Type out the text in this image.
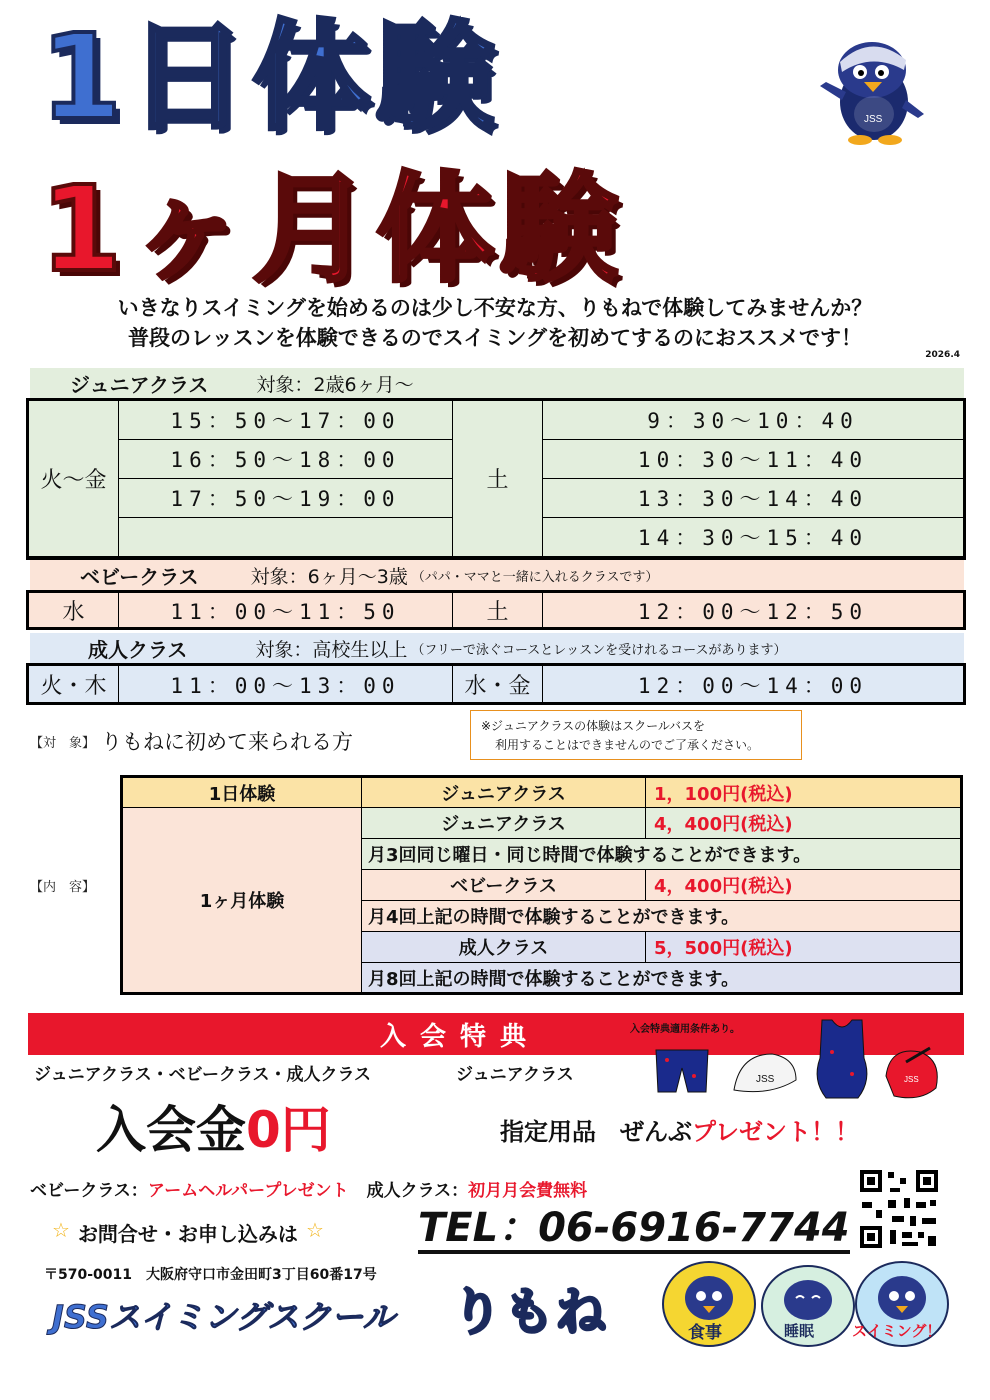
1日体験
1ヶ月体験
JSS
いきなりスイミングを始めるのは少し不安な方、りもねで体験してみませんか？
普段のレッスンを体験できるのでスイミングを初めてするのにおススメです！
2026.4
ジュニアクラス	対象：2歳6ヶ月～
火～金	15：50～17：00	土	9：30～10：40
	16：50～18：00		10：30～11：40
	17：50～19：00		13：30～14：40
			14：30～15：40
ベビークラス	対象：6ヶ月～3歳 （パパ・ママと一緒に入れるクラスです）
水	11：00～11：50	土	12：00～12：50
成人クラス	対象：高校生以上 （フリーで泳ぐコースとレッスンを受けれるコースがあります）
火・木	11：00～13：00	水・金	12：00～14：00
【対　象】 りもねに初めて来られる方
※ジュニアクラスの体験はスクールバスを
利用することはできませんのでご了承ください。
【内　容】
1日体験	ジュニアクラス	1，100円(税込)
1ヶ月体験	ジュニアクラス	4，400円(税込)
	月3回同じ曜日・同じ時間で体験することができます。	
	ベビークラス	4，400円(税込)
	月4回上記の時間で体験することができます。	
	成人クラス	5，500円(税込)
	月8回上記の時間で体験することができます。	
入会特典	入会特典適用条件あり。
ジュニアクラス・ベビークラス・成人クラス	ジュニアクラス	JSS	JSS
入会金 0円	指定用品　ぜんぶ プレゼント！！
ベビークラス： アームヘルパープレゼント 成人クラス： 初月月会費無料
☆ お問合せ・お申し込みは ☆ TEL：06-6916-7744
〒570-0011　大阪府守口市金田町3丁目60番17号
JSSスイミングスクール りもね	食事	睡眠	スイミング！
